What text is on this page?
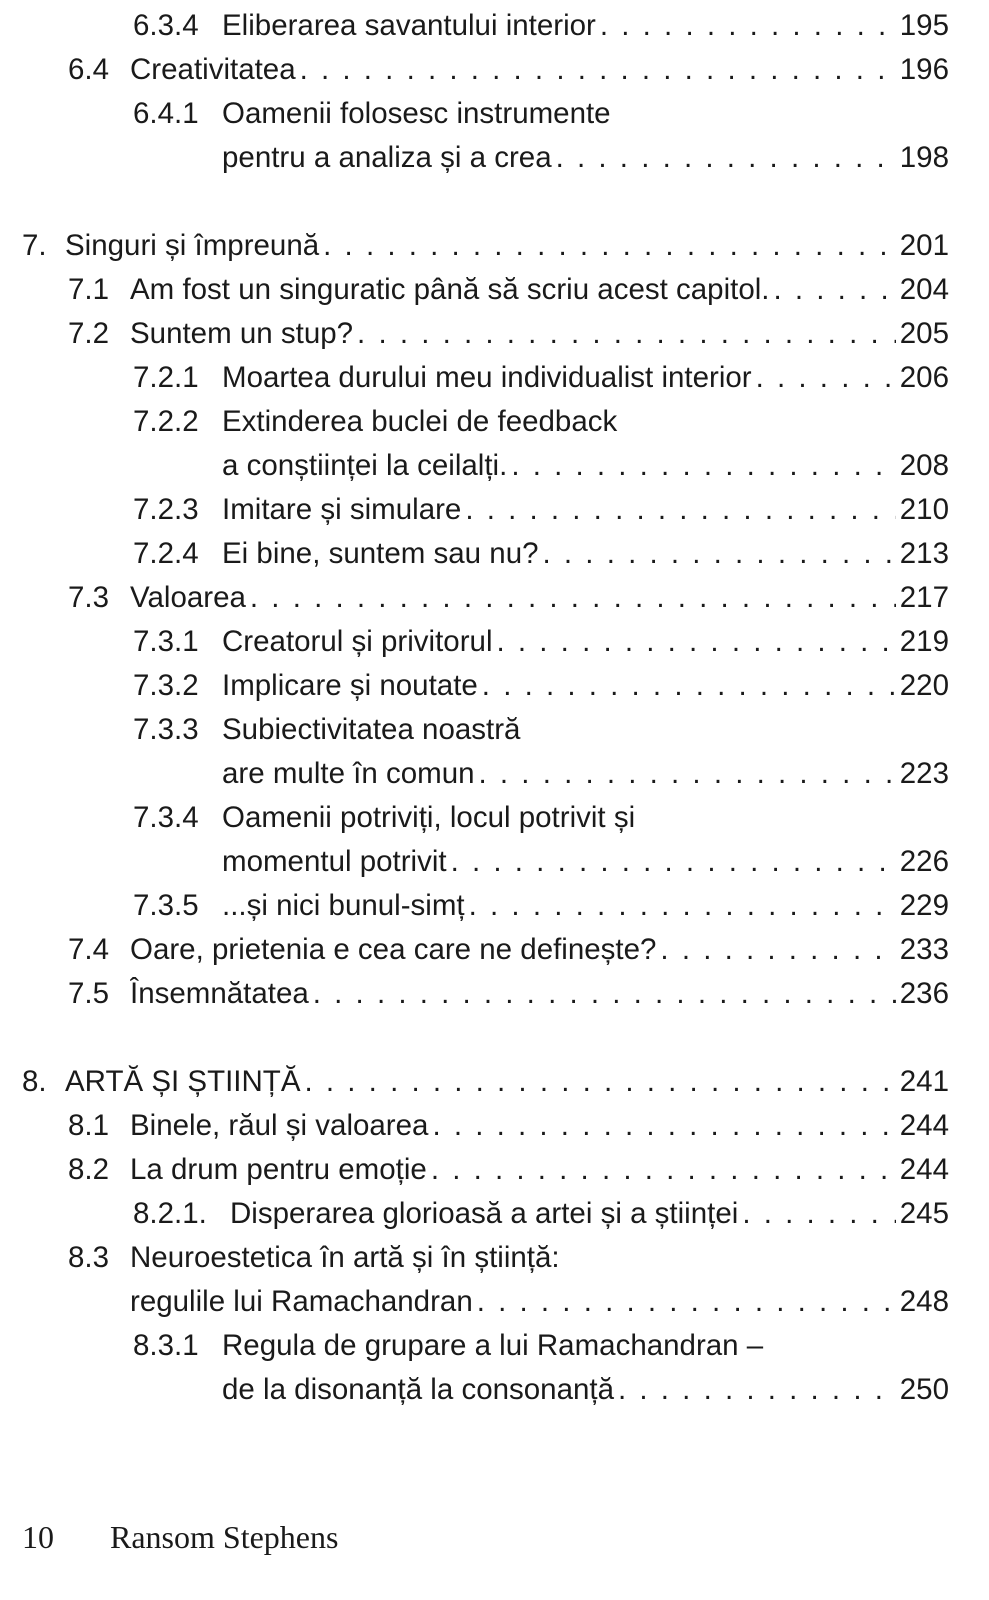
6.3.4 Eliberarea savantului interior . . .	195
6.4 Creativitatea . . .	196
6.4.1 Oamenii folosesc instrumente
pentru a analiza și a crea . . .	198
7. Singuri și împreună . . .	201
7.1 Am fost un singuratic până să scriu acest capitol. . . .	204
7.2 Suntem un stup? . . .	205
7.2.1 Moartea durului meu individualist interior . . .	206
7.2.2 Extinderea buclei de feedback
a conștiinței la ceilalți. . . .	208
7.2.3 Imitare și simulare . . .	210
7.2.4 Ei bine, suntem sau nu? . . .	213
7.3 Valoarea . . .	217
7.3.1 Creatorul și privitorul . . .	219
7.3.2 Implicare și noutate . . .	220
7.3.3 Subiectivitatea noastră
are multe în comun . . .	223
7.3.4 Oamenii potriviți, locul potrivit și
momentul potrivit . . .	226
7.3.5 ...și nici bunul-simț . . .	229
7.4 Oare, prietenia e cea care ne definește? . . .	233
7.5 Însemnătatea . . .	236
8. ARTĂ ȘI ȘTIINȚĂ . . .	241
8.1 Binele, răul și valoarea . . .	244
8.2 La drum pentru emoție . . .	244
8.2.1. Disperarea glorioasă a artei și a științei . . .	245
8.3 Neuroestetica în artă și în știință:
regulile lui Ramachandran . . .	248
8.3.1 Regula de grupare a lui Ramachandran –
de la disonanță la consonanță . . .	250
10 Ransom Stephens
